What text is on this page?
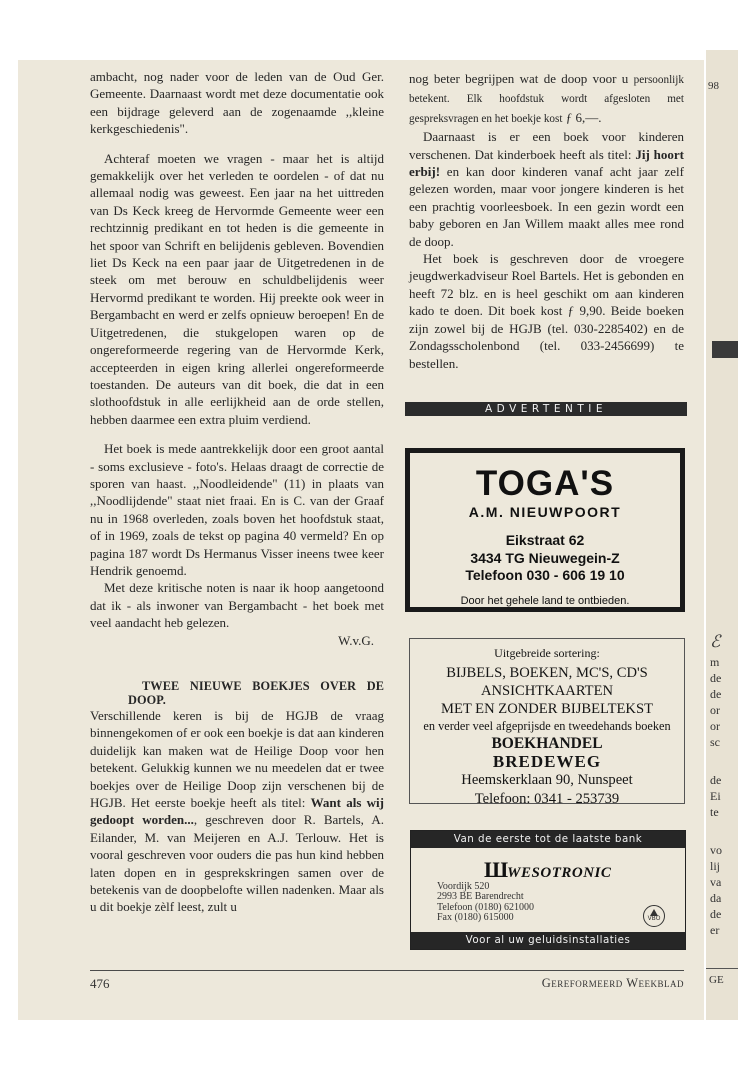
98
ℰ
m
de
de
or
or
sc
de
Ei
te
vo
lij
va
da
de
er
GE

ambacht, nog nader voor de leden van de Oud Ger. Gemeente. Daarnaast wordt met deze documentatie ook een bijdrage geleverd aan de zogenaamde ,,kleine kerkgeschiedenis".

Achteraf moeten we vragen - maar het is altijd gemakkelijk over het verleden te oordelen - of dat nu allemaal nodig was geweest. Een jaar na het uittreden van Ds Keck kreeg de Hervormde Gemeente weer een rechtzinnig predikant en tot heden is die gemeente in het spoor van Schrift en belijdenis gebleven. Bovendien liet Ds Keck na een paar jaar de Uitgetredenen in de steek om met berouw en schuldbelijdenis weer Hervormd predikant te worden. Hij preekte ook weer in Bergambacht en werd er zelfs opnieuw beroepen! En de Uitgetredenen, die stukgelopen waren op de ongereformeerde regering van de Hervormde Kerk, accepteerden in eigen kring allerlei ongereformeerde toestanden. De auteurs van dit boek, die dat in een slothoofdstuk in alle eerlijkheid aan de orde stellen, hebben daarmee een extra pluim verdiend.

Het boek is mede aantrekkelijk door een groot aantal - soms exclusieve - foto's. Helaas draagt de correctie de sporen van haast. ,,Noodleidende" (11) in plaats van ,,Noodlijdende" staat niet fraai. En is C. van der Graaf nu in 1968 overleden, zoals boven het hoofdstuk staat, of in 1969, zoals de tekst op pagina 40 vermeld? En op pagina 187 wordt Ds Hermanus Visser ineens twee keer Hendrik genoemd.

Met deze kritische noten is naar ik hoop aangetoond dat ik - als inwoner van Bergambacht - het boek met veel aandacht heb gelezen.

W.v.G.

TWEE NIEUWE BOEKJES OVER DE DOOP.

Verschillende keren is bij de HGJB de vraag binnengekomen of er ook een boekje is dat aan kinderen duidelijk kan maken wat de Heilige Doop voor hen betekent. Gelukkig kunnen we nu meedelen dat er twee boekjes over de Heilige Doop zijn verschenen bij de HGJB. Het eerste boekje heeft als titel: Want als wij gedoopt worden..., geschreven door R. Bartels, A. Eilander, M. van Meijeren en A.J. Terlouw. Het is vooral geschreven voor ouders die pas hun kind hebben laten dopen en in gesprekskringen samen over de betekenis van de doopbelofte willen nadenken. Maar als u dit boekje zèlf leest, zult u

nog beter begrijpen wat de doop voor u persoonlijk betekent. Elk hoofdstuk wordt afgesloten met gespreksvragen en het boekje kost ƒ 6,—.

Daarnaast is er een boek voor kinderen verschenen. Dat kinderboek heeft als titel: Jij hoort erbij! en kan door kinderen vanaf acht jaar zelf gelezen worden, maar voor jongere kinderen is het een prachtig voorleesboek. In een gezin wordt een baby geboren en Jan Willem maakt alles mee rond de doop.

Het boek is geschreven door de vroegere jeugdwerkadviseur Roel Bartels. Het is gebonden en heeft 72 blz. en is heel geschikt om aan kinderen kado te doen. Dit boek kost ƒ 9,90. Beide boeken zijn zowel bij de HGJB (tel. 030-2285402) en de Zondagsscholenbond (tel. 033-2456699) te bestellen.

ADVERTENTIE
TOGA'S
A.M. NIEUWPOORT
Eikstraat 62
3434 TG Nieuwegein-Z
Telefoon 030 - 606 19 10
Door het gehele land te ontbieden.
Uitgebreide sortering:
BIJBELS, BOEKEN, MC'S, CD'S
ANSICHTKAARTEN
MET EN ZONDER BIJBELTEKST
en verder veel afgeprijsde en tweedehands boeken
BOEKHANDEL
BREDEWEG
Heemskerklaan 90, Nunspeet
Telefoon: 0341 - 253739
Van de eerste tot de laatste bank
ШWESOTRONIC
Voordijk 520
2993 BE Barendrecht
Telefoon (0180) 621000
Fax (0180) 615000	VBO
Voor al uw geluidsinstallaties
476	Gereformeerd Weekblad
